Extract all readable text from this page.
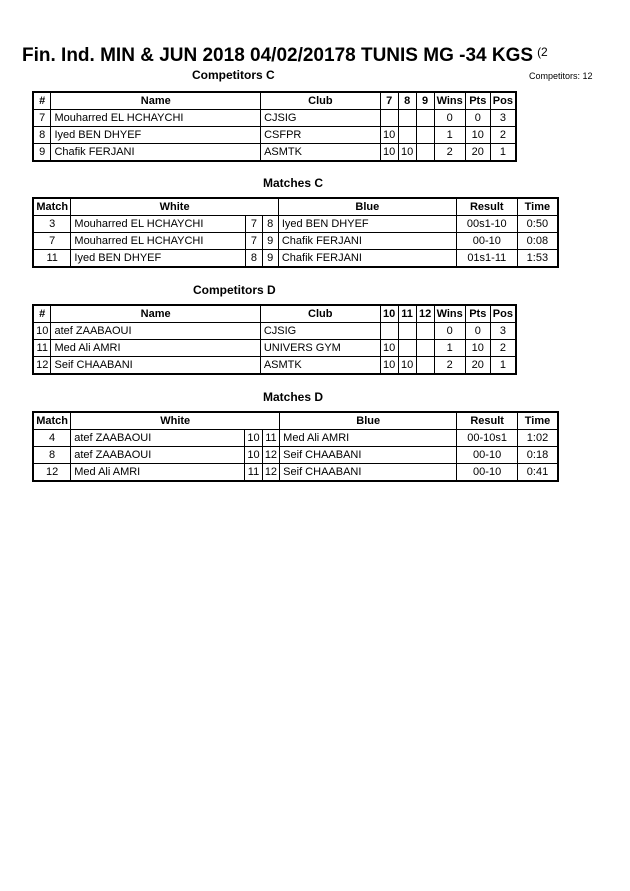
Fin. Ind. MIN & JUN 2018 04/02/20178 TUNIS MG -34 KGS $^{(2}$
Competitors C	Competitors: 12
#	Name	Club	7	8	9	Wins	Pts	Pos
7	Mouharred EL HCHAYCHI	CJSIG				0	0	3
8	Iyed BEN DHYEF	CSFPR	10			1	10	2
9	Chafik FERJANI	ASMTK	10	10		2	20	1
Matches C
Match	White			Blue	Result	Time
3	Mouharred EL HCHAYCHI	7	8	Iyed BEN DHYEF	00s1-10	0:50
7	Mouharred EL HCHAYCHI	7	9	Chafik FERJANI	00-10	0:08
11	Iyed BEN DHYEF	8	9	Chafik FERJANI	01s1-11	1:53
Competitors D
#	Name	Club	10	11	12	Wins	Pts	Pos
10	atef ZAABAOUI	CJSIG				0	0	3
11	Med Ali AMRI	UNIVERS GYM	10			1	10	2
12	Seif CHAABANI	ASMTK	10	10		2	20	1
Matches D
Match	White			Blue	Result	Time
4	atef ZAABAOUI	10	11	Med Ali AMRI	00-10s1	1:02
8	atef ZAABAOUI	10	12	Seif CHAABANI	00-10	0:18
12	Med Ali AMRI	11	12	Seif CHAABANI	00-10	0:41
